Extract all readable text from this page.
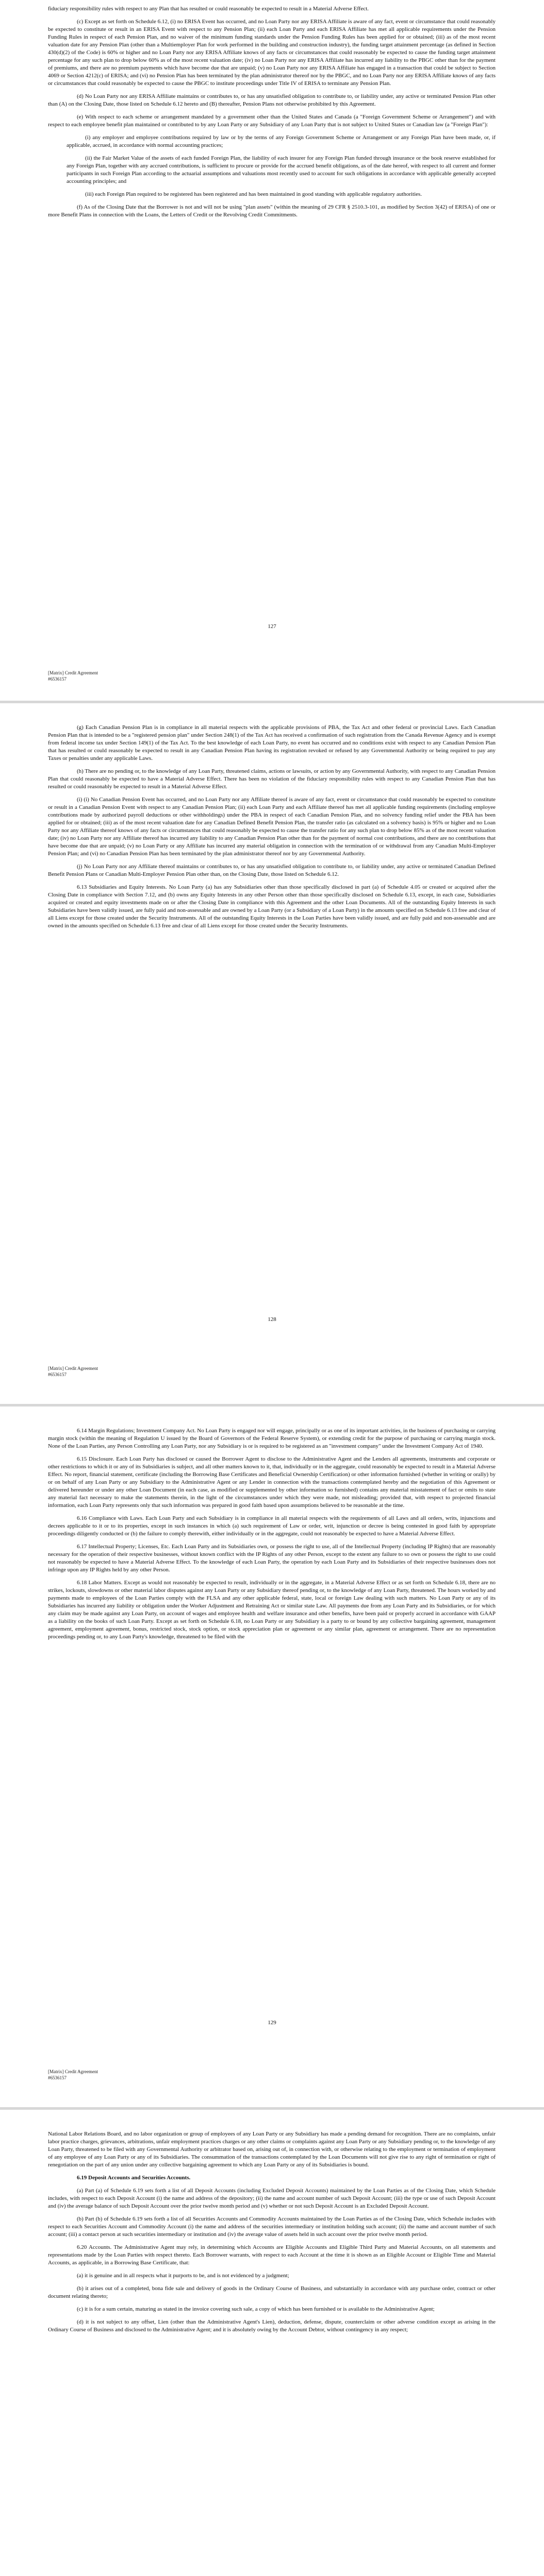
fiduciary responsibility rules with respect to any Plan that has resulted or could reasonably be expected to result in a Material Adverse Effect.

(c) Except as set forth on Schedule 6.12, (i) no ERISA Event has occurred, and no Loan Party nor any ERISA Affiliate is aware of any fact, event or circumstance that could reasonably be expected to constitute or result in an ERISA Event with respect to any Pension Plan; (ii) each Loan Party and each ERISA Affiliate has met all applicable requirements under the Pension Funding Rules in respect of each Pension Plan, and no waiver of the minimum funding standards under the Pension Funding Rules has been applied for or obtained; (iii) as of the most recent valuation date for any Pension Plan (other than a Multiemployer Plan for work performed in the building and construction industry), the funding target attainment percentage (as defined in Section 430(d)(2) of the Code) is 60% or higher and no Loan Party nor any ERISA Affiliate knows of any facts or circumstances that could reasonably be expected to cause the funding target attainment percentage for any such plan to drop below 60% as of the most recent valuation date; (iv) no Loan Party nor any ERISA Affiliate has incurred any liability to the PBGC other than for the payment of premiums, and there are no premium payments which have become due that are unpaid; (v) no Loan Party nor any ERISA Affiliate has engaged in a transaction that could be subject to Section 4069 or Section 4212(c) of ERISA; and (vi) no Pension Plan has been terminated by the plan administrator thereof nor by the PBGC, and no Loan Party nor any ERISA Affiliate knows of any facts or circumstances that could reasonably be expected to cause the PBGC to institute proceedings under Title IV of ERISA to terminate any Pension Plan.

(d) No Loan Party nor any ERISA Affiliate maintains or contributes to, or has any unsatisfied obligation to contribute to, or liability under, any active or terminated Pension Plan other than (A) on the Closing Date, those listed on Schedule 6.12 hereto and (B) thereafter, Pension Plans not otherwise prohibited by this Agreement.

(e) With respect to each scheme or arrangement mandated by a government other than the United States and Canada (a "Foreign Government Scheme or Arrangement") and with respect to each employee benefit plan maintained or contributed to by any Loan Party or any Subsidiary of any Loan Party that is not subject to United States or Canadian law (a "Foreign Plan"):

(i) any employer and employee contributions required by law or by the terms of any Foreign Government Scheme or Arrangement or any Foreign Plan have been made, or, if applicable, accrued, in accordance with normal accounting practices;

(ii) the Fair Market Value of the assets of each funded Foreign Plan, the liability of each insurer for any Foreign Plan funded through insurance or the book reserve established for any Foreign Plan, together with any accrued contributions, is sufficient to procure or provide for the accrued benefit obligations, as of the date hereof, with respect to all current and former participants in such Foreign Plan according to the actuarial assumptions and valuations most recently used to account for such obligations in accordance with applicable generally accepted accounting principles; and

(iii) each Foreign Plan required to be registered has been registered and has been maintained in good standing with applicable regulatory authorities.

(f) As of the Closing Date that the Borrower is not and will not be using "plan assets" (within the meaning of 29 CFR § 2510.3-101, as modified by Section 3(42) of ERISA) of one or more Benefit Plans in connection with the Loans, the Letters of Credit or the Revolving Credit Commitments.

127
[Matrix] Credit Agreement
#6536157

(g) Each Canadian Pension Plan is in compliance in all material respects with the applicable provisions of PBA, the Tax Act and other federal or provincial Laws. Each Canadian Pension Plan that is intended to be a "registered pension plan" under Section 248(1) of the Tax Act has received a confirmation of such registration from the Canada Revenue Agency and is exempt from federal income tax under Section 149(1) of the Tax Act. To the best knowledge of each Loan Party, no event has occurred and no conditions exist with respect to any Canadian Pension Plan that has resulted or could reasonably be expected to result in any Canadian Pension Plan having its registration revoked or refused by any Governmental Authority or being required to pay any Taxes or penalties under any applicable Laws.

(h) There are no pending or, to the knowledge of any Loan Party, threatened claims, actions or lawsuits, or action by any Governmental Authority, with respect to any Canadian Pension Plan that could reasonably be expected to have a Material Adverse Effect. There has been no violation of the fiduciary responsibility rules with respect to any Canadian Pension Plan that has resulted or could reasonably be expected to result in a Material Adverse Effect.

(i) (i) No Canadian Pension Event has occurred, and no Loan Party nor any Affiliate thereof is aware of any fact, event or circumstance that could reasonably be expected to constitute or result in a Canadian Pension Event with respect to any Canadian Pension Plan; (ii) each Loan Party and each Affiliate thereof has met all applicable funding requirements (including employee contributions made by authorized payroll deductions or other withholdings) under the PBA in respect of each Canadian Pension Plan, and no solvency funding relief under the PBA has been applied for or obtained; (iii) as of the most recent valuation date for any Canadian Defined Benefit Pension Plan, the transfer ratio (as calculated on a solvency basis) is 95% or higher and no Loan Party nor any Affiliate thereof knows of any facts or circumstances that could reasonably be expected to cause the transfer ratio for any such plan to drop below 85% as of the most recent valuation date; (iv) no Loan Party nor any Affiliate thereof has incurred any liability to any Canadian Pension Plan other than for the payment of normal cost contributions, and there are no contributions that have become due that are unpaid; (v) no Loan Party or any Affiliate has incurred any material obligation in connection with the termination of or withdrawal from any Canadian Multi-Employer Pension Plan; and (vi) no Canadian Pension Plan has been terminated by the plan administrator thereof nor by any Governmental Authority.

(j) No Loan Party nor any Affiliate thereof maintains or contributes to, or has any unsatisfied obligation to contribute to, or liability under, any active or terminated Canadian Defined Benefit Pension Plans or Canadian Multi-Employer Pension Plan other than, on the Closing Date, those listed on Schedule 6.12.

6.13 Subsidiaries and Equity Interests. No Loan Party (a) has any Subsidiaries other than those specifically disclosed in part (a) of Schedule 4.05 or created or acquired after the Closing Date in compliance with Section 7.12, and (b) owns any Equity Interests in any other Person other than those specifically disclosed on Schedule 6.13, except, in each case, Subsidiaries acquired or created and equity investments made on or after the Closing Date in compliance with this Agreement and the other Loan Documents. All of the outstanding Equity Interests in such Subsidiaries have been validly issued, are fully paid and non-assessable and are owned by a Loan Party (or a Subsidiary of a Loan Party) in the amounts specified on Schedule 6.13 free and clear of all Liens except for those created under the Security Instruments. All of the outstanding Equity Interests in the Loan Parties have been validly issued, and are fully paid and non-assessable and are owned in the amounts specified on Schedule 6.13 free and clear of all Liens except for those created under the Security Instruments.

128
[Matrix] Credit Agreement
#6536157

6.14 Margin Regulations; Investment Company Act. No Loan Party is engaged nor will engage, principally or as one of its important activities, in the business of purchasing or carrying margin stock (within the meaning of Regulation U issued by the Board of Governors of the Federal Reserve System), or extending credit for the purpose of purchasing or carrying margin stock. None of the Loan Parties, any Person Controlling any Loan Party, nor any Subsidiary is or is required to be registered as an "investment company" under the Investment Company Act of 1940.

6.15 Disclosure. Each Loan Party has disclosed or caused the Borrower Agent to disclose to the Administrative Agent and the Lenders all agreements, instruments and corporate or other restrictions to which it or any of its Subsidiaries is subject, and all other matters known to it, that, individually or in the aggregate, could reasonably be expected to result in a Material Adverse Effect. No report, financial statement, certificate (including the Borrowing Base Certificates and Beneficial Ownership Certification) or other information furnished (whether in writing or orally) by or on behalf of any Loan Party or any Subsidiary to the Administrative Agent or any Lender in connection with the transactions contemplated hereby and the negotiation of this Agreement or delivered hereunder or under any other Loan Document (in each case, as modified or supplemented by other information so furnished) contains any material misstatement of fact or omits to state any material fact necessary to make the statements therein, in the light of the circumstances under which they were made, not misleading; provided that, with respect to projected financial information, each Loan Party represents only that such information was prepared in good faith based upon assumptions believed to be reasonable at the time.

6.16 Compliance with Laws. Each Loan Party and each Subsidiary is in compliance in all material respects with the requirements of all Laws and all orders, writs, injunctions and decrees applicable to it or to its properties, except in such instances in which (a) such requirement of Law or order, writ, injunction or decree is being contested in good faith by appropriate proceedings diligently conducted or (b) the failure to comply therewith, either individually or in the aggregate, could not reasonably be expected to have a Material Adverse Effect.

6.17 Intellectual Property; Licenses, Etc. Each Loan Party and its Subsidiaries own, or possess the right to use, all of the Intellectual Property (including IP Rights) that are reasonably necessary for the operation of their respective businesses, without known conflict with the IP Rights of any other Person, except to the extent any failure to so own or possess the right to use could not reasonably be expected to have a Material Adverse Effect. To the knowledge of each Loan Party, the operation by each Loan Party and its Subsidiaries of their respective businesses does not infringe upon any IP Rights held by any other Person.

6.18 Labor Matters. Except as would not reasonably be expected to result, individually or in the aggregate, in a Material Adverse Effect or as set forth on Schedule 6.18, there are no strikes, lockouts, slowdowns or other material labor disputes against any Loan Party or any Subsidiary thereof pending or, to the knowledge of any Loan Party, threatened. The hours worked by and payments made to employees of the Loan Parties comply with the FLSA and any other applicable federal, state, local or foreign Law dealing with such matters. No Loan Party or any of its Subsidiaries has incurred any liability or obligation under the Worker Adjustment and Retraining Act or similar state Law. All payments due from any Loan Party and its Subsidiaries, or for which any claim may be made against any Loan Party, on account of wages and employee health and welfare insurance and other benefits, have been paid or properly accrued in accordance with GAAP as a liability on the books of such Loan Party. Except as set forth on Schedule 6.18, no Loan Party or any Subsidiary is a party to or bound by any collective bargaining agreement, management agreement, employment agreement, bonus, restricted stock, stock option, or stock appreciation plan or agreement or any similar plan, agreement or arrangement. There are no representation proceedings pending or, to any Loan Party's knowledge, threatened to be filed with the

129
[Matrix] Credit Agreement
#6536157

National Labor Relations Board, and no labor organization or group of employees of any Loan Party or any Subsidiary has made a pending demand for recognition. There are no complaints, unfair labor practice charges, grievances, arbitrations, unfair employment practices charges or any other claims or complaints against any Loan Party or any Subsidiary pending or, to the knowledge of any Loan Party, threatened to be filed with any Governmental Authority or arbitrator based on, arising out of, in connection with, or otherwise relating to the employment or termination of employment of any employee of any Loan Party or any of its Subsidiaries. The consummation of the transactions contemplated by the Loan Documents will not give rise to any right of termination or right of renegotiation on the part of any union under any collective bargaining agreement to which any Loan Party or any of its Subsidiaries is bound.

6.19 Deposit Accounts and Securities Accounts.

(a) Part (a) of Schedule 6.19 sets forth a list of all Deposit Accounts (including Excluded Deposit Accounts) maintained by the Loan Parties as of the Closing Date, which Schedule includes, with respect to each Deposit Account (i) the name and address of the depository; (ii) the name and account number of such Deposit Account; (iii) the type or use of such Deposit Account and (iv) the average balance of such Deposit Account over the prior twelve month period and (v) whether or not such Deposit Account is an Excluded Deposit Account.

(b) Part (b) of Schedule 6.19 sets forth a list of all Securities Accounts and Commodity Accounts maintained by the Loan Parties as of the Closing Date, which Schedule includes with respect to each Securities Account and Commodity Account (i) the name and address of the securities intermediary or institution holding such account; (ii) the name and account number of such account; (iii) a contact person at such securities intermediary or institution and (iv) the average value of assets held in such account over the prior twelve month period.

6.20 Accounts. The Administrative Agent may rely, in determining which Accounts are Eligible Accounts and Eligible Third Party and Material Accounts, on all statements and representations made by the Loan Parties with respect thereto. Each Borrower warrants, with respect to each Account at the time it is shown as an Eligible Account or Eligible Time and Material Accounts, as applicable, in a Borrowing Base Certificate, that:

(a) it is genuine and in all respects what it purports to be, and is not evidenced by a judgment;

(b) it arises out of a completed, bona fide sale and delivery of goods in the Ordinary Course of Business, and substantially in accordance with any purchase order, contract or other document relating thereto;

(c) it is for a sum certain, maturing as stated in the invoice covering such sale, a copy of which has been furnished or is available to the Administrative Agent;

(d) it is not subject to any offset, Lien (other than the Administrative Agent's Lien), deduction, defense, dispute, counterclaim or other adverse condition except as arising in the Ordinary Course of Business and disclosed to the Administrative Agent; and it is absolutely owing by the Account Debtor, without contingency in any respect;
